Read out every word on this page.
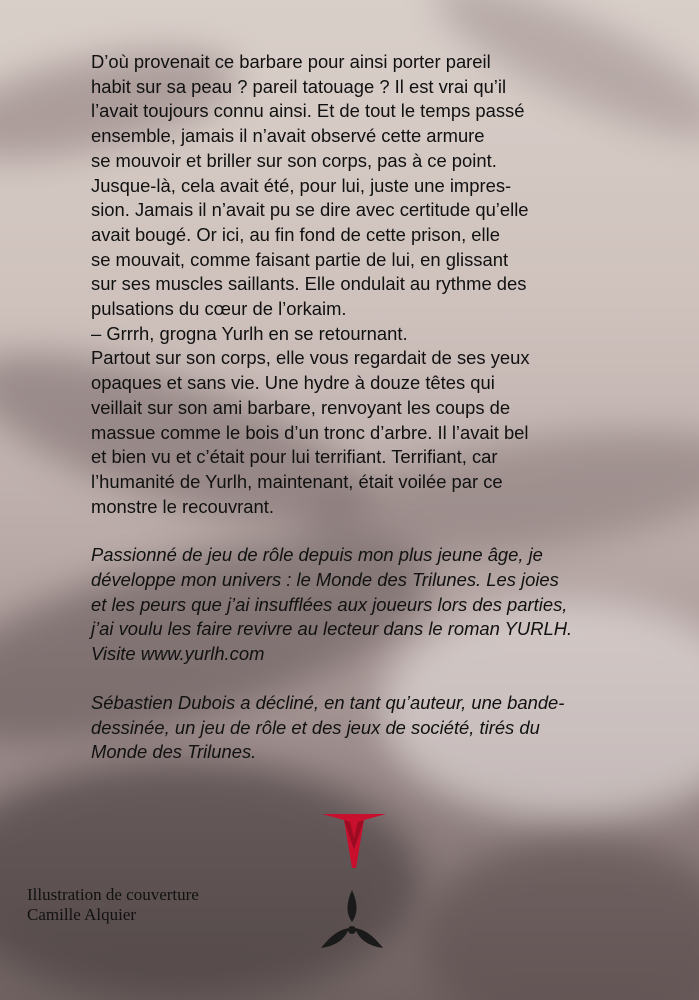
D’où provenait ce barbare pour ainsi porter pareil

habit sur sa peau ? pareil tatouage ? Il est vrai qu’il

l’avait toujours connu ainsi. Et de tout le temps passé

ensemble, jamais il n’avait observé cette armure

se mouvoir et briller sur son corps, pas à ce point.

Jusque-là, cela avait été, pour lui, juste une impres-

sion. Jamais il n’avait pu se dire avec certitude qu’elle

avait bougé. Or ici, au fin fond de cette prison, elle

se mouvait, comme faisant partie de lui, en glissant

sur ses muscles saillants. Elle ondulait au rythme des

pulsations du cœur de l’orkaim.

– Grrrh, grogna Yurlh en se retournant.

Partout sur son corps, elle vous regardait de ses yeux

opaques et sans vie. Une hydre à douze têtes qui

veillait sur son ami barbare, renvoyant les coups de

massue comme le bois d’un tronc d’arbre. Il l’avait bel

et bien vu et c’était pour lui terrifiant. Terrifiant, car

l’humanité de Yurlh, maintenant, était voilée par ce

monstre le recouvrant.

Passionné de jeu de rôle depuis mon plus jeune âge, je

développe mon univers : le Monde des Trilunes. Les joies

et les peurs que j’ai insufflées aux joueurs lors des parties,

j’ai voulu les faire revivre au lecteur dans le roman YURLH.

Visite www.yurlh.com

Sébastien Dubois a décliné, en tant qu’auteur, une bande-

dessinée, un jeu de rôle et des jeux de société, tirés du

Monde des Trilunes.

Illustration de couverture
Camille Alquier
